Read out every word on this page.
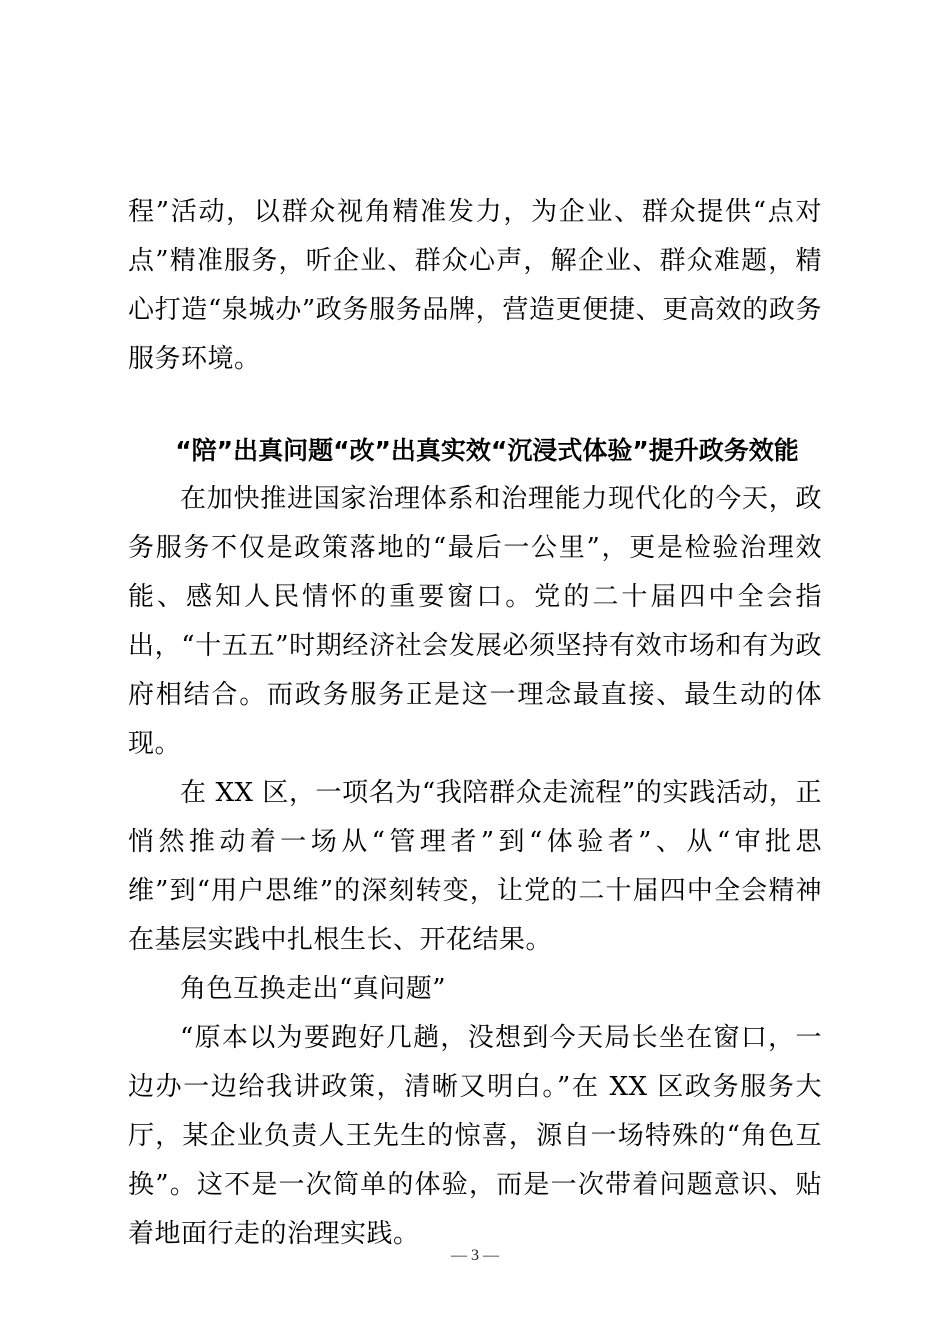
程”活动，以群众视角精准发力，为企业、群众提供“点对点”精准服务，听企业、群众心声，解企业、群众难题，精心打造“泉城办”政务服务品牌，营造更便捷、更高效的政务服务环境。

“陪”出真问题“改”出真实效“沉浸式体验”提升政务效能

在加快推进国家治理体系和治理能力现代化的今天，政务服务不仅是政策落地的“最后一公里”，更是检验治理效能、感知人民情怀的重要窗口。党的二十届四中全会指出，“十五五”时期经济社会发展必须坚持有效市场和有为政府相结合。而政务服务正是这一理念最直接、最生动的体现。

在 XX 区，一项名为“我陪群众走流程”的实践活动，正悄然推动着一场从“管理者”到“体验者”、从“审批思维”到“用户思维”的深刻转变，让党的二十届四中全会精神在基层实践中扎根生长、开花结果。

角色互换走出“真问题”

“原本以为要跑好几趟，没想到今天局长坐在窗口，一边办一边给我讲政策，清晰又明白。”在 XX 区政务服务大厅，某企业负责人王先生的惊喜，源自一场特殊的“角色互换”。这不是一次简单的体验，而是一次带着问题意识、贴着地面行走的治理实践。

— 3 —
